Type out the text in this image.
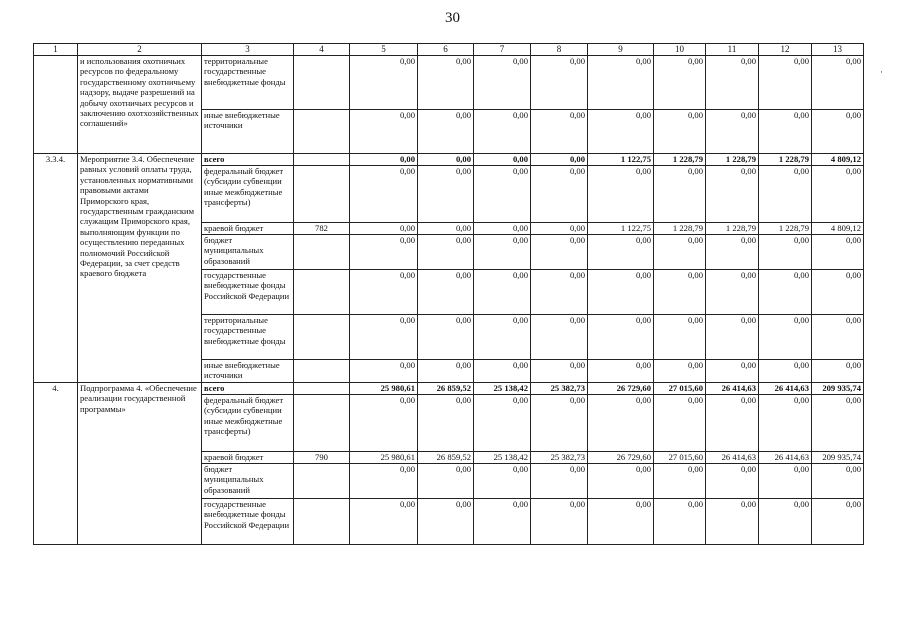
30
·
1	2	3	4	5	6	7	8	9	10	11	12	13
	и использования охотничьих ресурсов по федеральному государственному охотничьему надзору, выдаче разрешений на добычу охотничьих ресурсов и заключению охотхозяйственных соглашений»	территориальные государственные внебюджетные фонды		0,00	0,00	0,00	0,00	0,00	0,00	0,00	0,00	0,00
		иные внебюджетные источники		0,00	0,00	0,00	0,00	0,00	0,00	0,00	0,00	0,00
3.3.4.	Мероприятие 3.4. Обеспечение равных условий оплаты труда, установленных нормативными правовыми актами Приморского края, государственным гражданским служащим Приморского края, выполняющим функции по осуществлению переданных полномочий Российской Федерации, за счет средств краевого бюджета	всего		0,00	0,00	0,00	0,00	1 122,75	1 228,79	1 228,79	1 228,79	4 809,12
		федеральный бюджет (субсидии субвенции иные межбюджетные трансферты)		0,00	0,00	0,00	0,00	0,00	0,00	0,00	0,00	0,00
		краевой бюджет	782	0,00	0,00	0,00	0,00	1 122,75	1 228,79	1 228,79	1 228,79	4 809,12
		бюджет муниципальных образований		0,00	0,00	0,00	0,00	0,00	0,00	0,00	0,00	0,00
		государственные внебюджетные фонды Российской Федерации		0,00	0,00	0,00	0,00	0,00	0,00	0,00	0,00	0,00
		территориальные государственные внебюджетные фонды		0,00	0,00	0,00	0,00	0,00	0,00	0,00	0,00	0,00
		иные внебюджетные источники		0,00	0,00	0,00	0,00	0,00	0,00	0,00	0,00	0,00
4.	Подпрограмма 4. «Обеспечение реализации государственной программы»	всего		25 980,61	26 859,52	25 138,42	25 382,73	26 729,60	27 015,60	26 414,63	26 414,63	209 935,74
		федеральный бюджет (субсидии субвенции иные межбюджетные трансферты)		0,00	0,00	0,00	0,00	0,00	0,00	0,00	0,00	0,00
		краевой бюджет	790	25 980,61	26 859,52	25 138,42	25 382,73	26 729,60	27 015,60	26 414,63	26 414,63	209 935,74
		бюджет муниципальных образований		0,00	0,00	0,00	0,00	0,00	0,00	0,00	0,00	0,00
		государственные внебюджетные фонды Российской Федерации		0,00	0,00	0,00	0,00	0,00	0,00	0,00	0,00	0,00
